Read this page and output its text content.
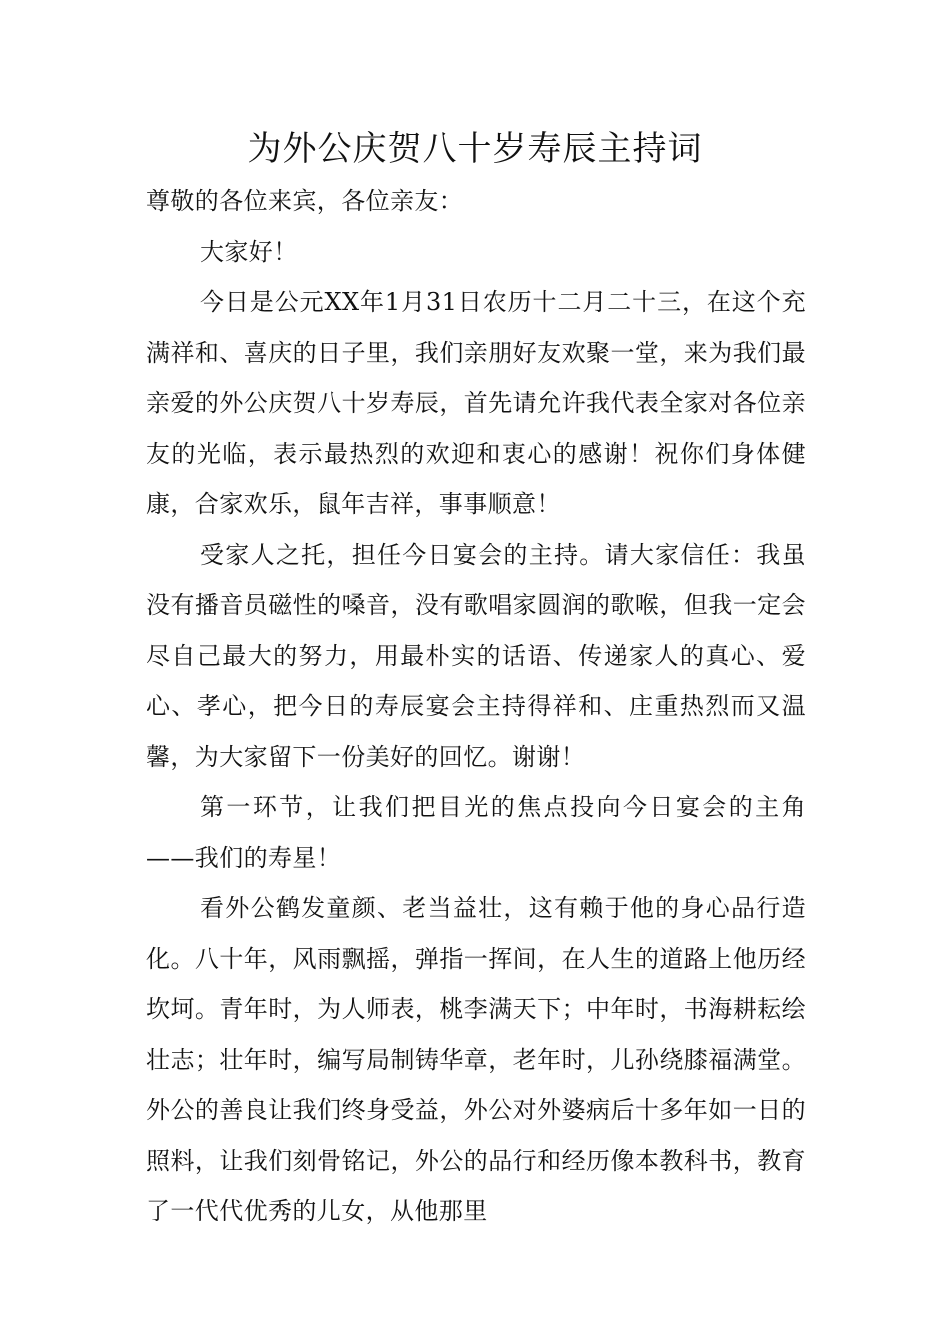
为外公庆贺八十岁寿辰主持词

尊敬的各位来宾，各位亲友：

大家好！

今日是公元XX年1月31日农历十二月二十三，在这个充满祥和、喜庆的日子里，我们亲朋好友欢聚一堂，来为我们最亲爱的外公庆贺八十岁寿辰，首先请允许我代表全家对各位亲友的光临，表示最热烈的欢迎和衷心的感谢！祝你们身体健康，合家欢乐，鼠年吉祥，事事顺意！

受家人之托，担任今日宴会的主持。请大家信任：我虽没有播音员磁性的嗓音，没有歌唱家圆润的歌喉，但我一定会尽自己最大的努力，用最朴实的话语、传递家人的真心、爱心、孝心，把今日的寿辰宴会主持得祥和、庄重热烈而又温馨，为大家留下一份美好的回忆。谢谢！

第一环节，让我们把目光的焦点投向今日宴会的主角——我们的寿星！

看外公鹤发童颜、老当益壮，这有赖于他的身心品行造化。八十年，风雨飘摇，弹指一挥间，在人生的道路上他历经坎坷。青年时，为人师表，桃李满天下；中年时，书海耕耘绘壮志；壮年时，编写局制铸华章，老年时，儿孙绕膝福满堂。外公的善良让我们终身受益，外公对外婆病后十多年如一日的照料，让我们刻骨铭记，外公的品行和经历像本教科书，教育了一代代优秀的儿女，从他那里
